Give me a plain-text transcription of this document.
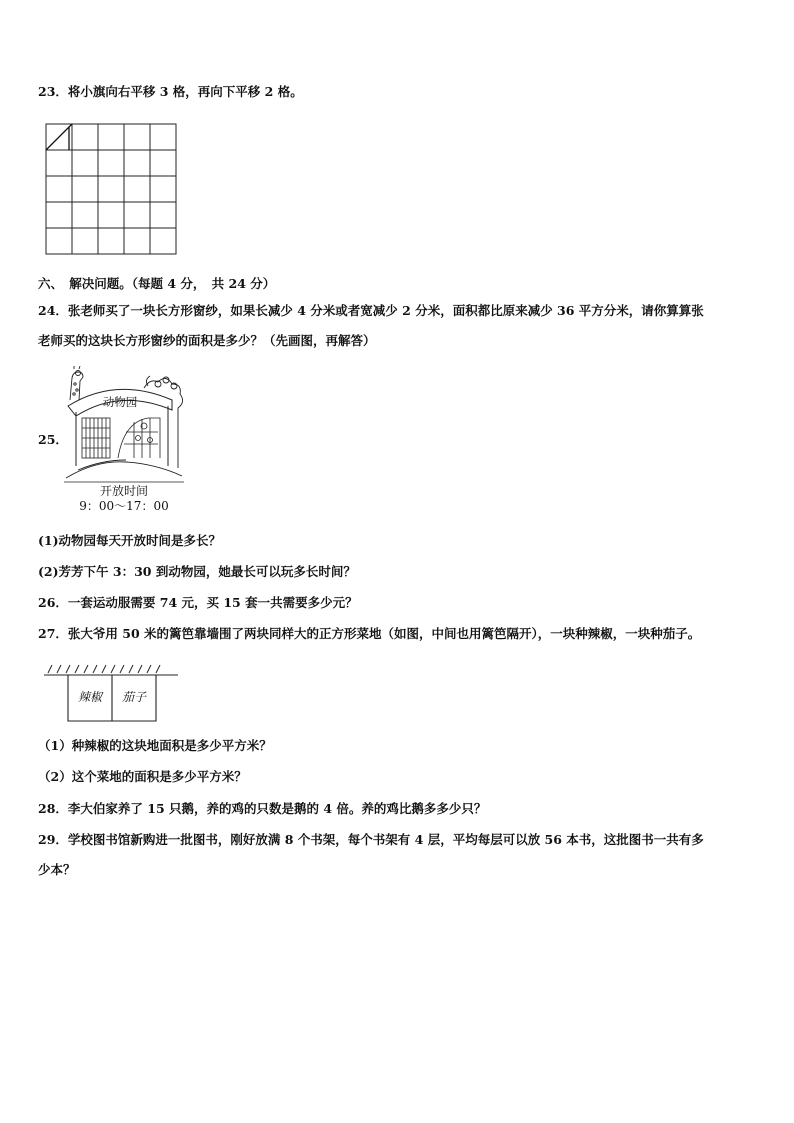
23．将小旗向右平移 3 格，再向下平移 2 格。
六、　解决问题。（每题 4 分，　共 24 分）
24．张老师买了一块长方形窗纱，如果长减少 4 分米或者宽减少 2 分米，面积都比原来减少 36 平方分米，请你算算张
老师买的这块长方形窗纱的面积是多少？（先画图，再解答）
25．
动物园
开放时间
9：00～17：00
(1)动物园每天开放时间是多长？
(2)芳芳下午 3：30 到动物园，她最长可以玩多长时间？
26．一套运动服需要 74 元，买 15 套一共需要多少元？
27．张大爷用 50 米的篱笆靠墙围了两块同样大的正方形菜地（如图，中间也用篱笆隔开），一块种辣椒，一块种茄子。
辣椒 茄子
（1）种辣椒的这块地面积是多少平方米？
（2）这个菜地的面积是多少平方米？
28．李大伯家养了 15 只鹅，养的鸡的只数是鹅的 4 倍。养的鸡比鹅多多少只？
29．学校图书馆新购进一批图书，刚好放满 8 个书架，每个书架有 4 层，平均每层可以放 56 本书，这批图书一共有多
少本？
